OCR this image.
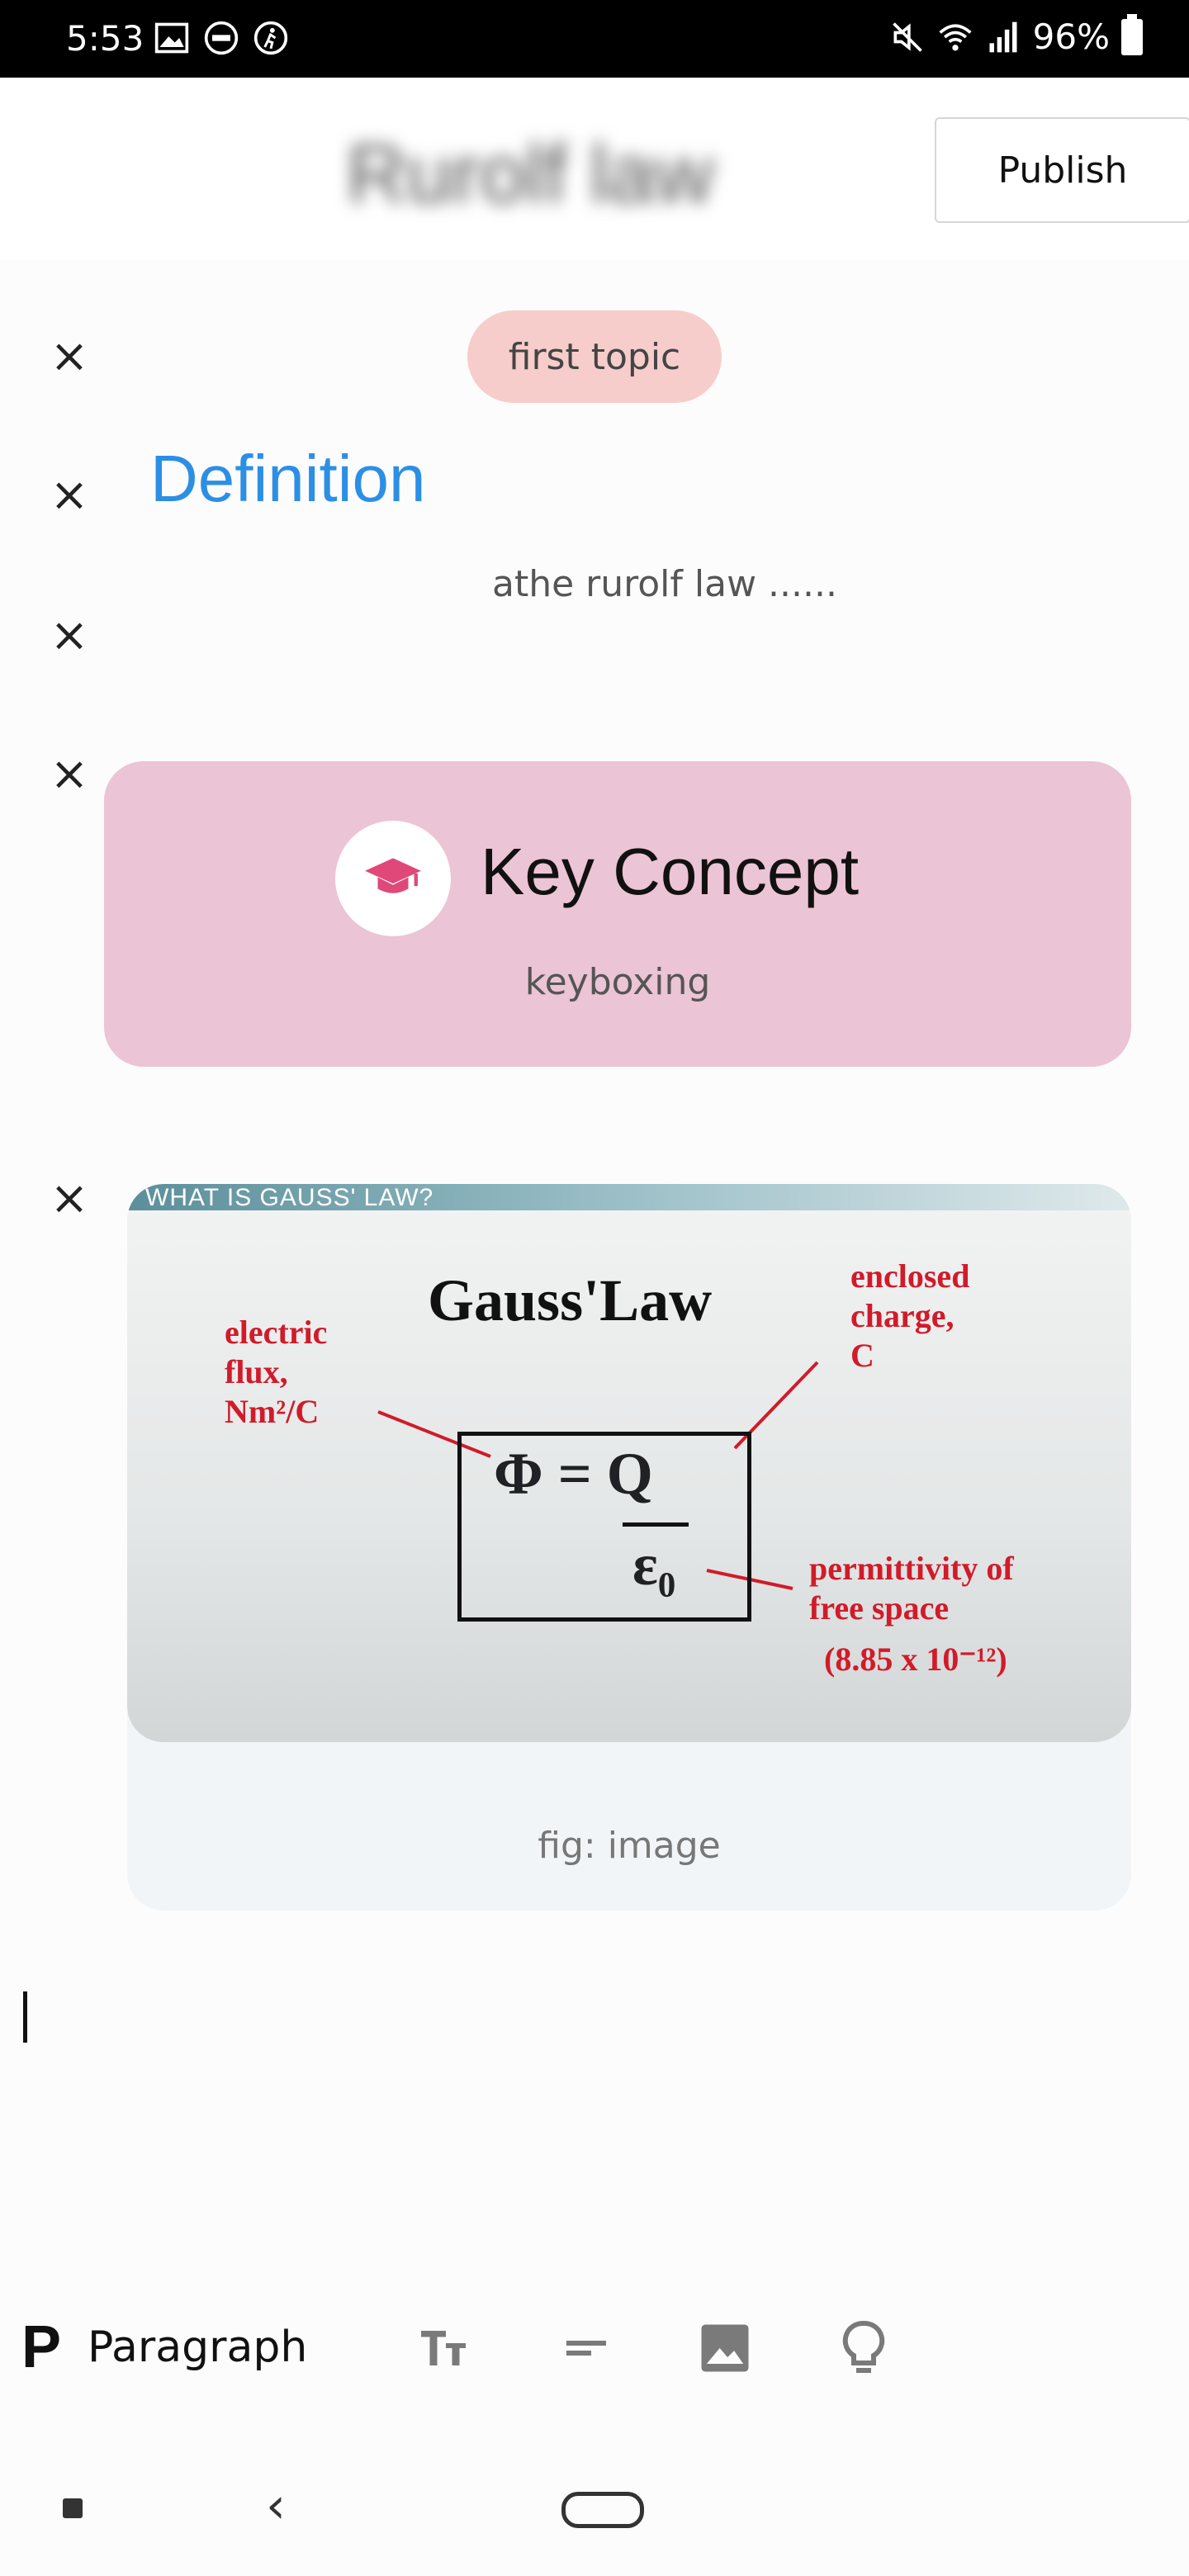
5:53	96%
Rurolf law	Publish
×	first topic
× Definition
×
athe rurolf law ......
×
Key Concept
keyboxing
× WHAT IS GAUSS' LAW?
Gauss'Law
electric
flux,
Nm²/C
enclosed
charge,
C
permittivity of
free space
(8.85 x 10⁻¹²)
Φ = Q
ε₀
fig: image
P Paragraph
‹
